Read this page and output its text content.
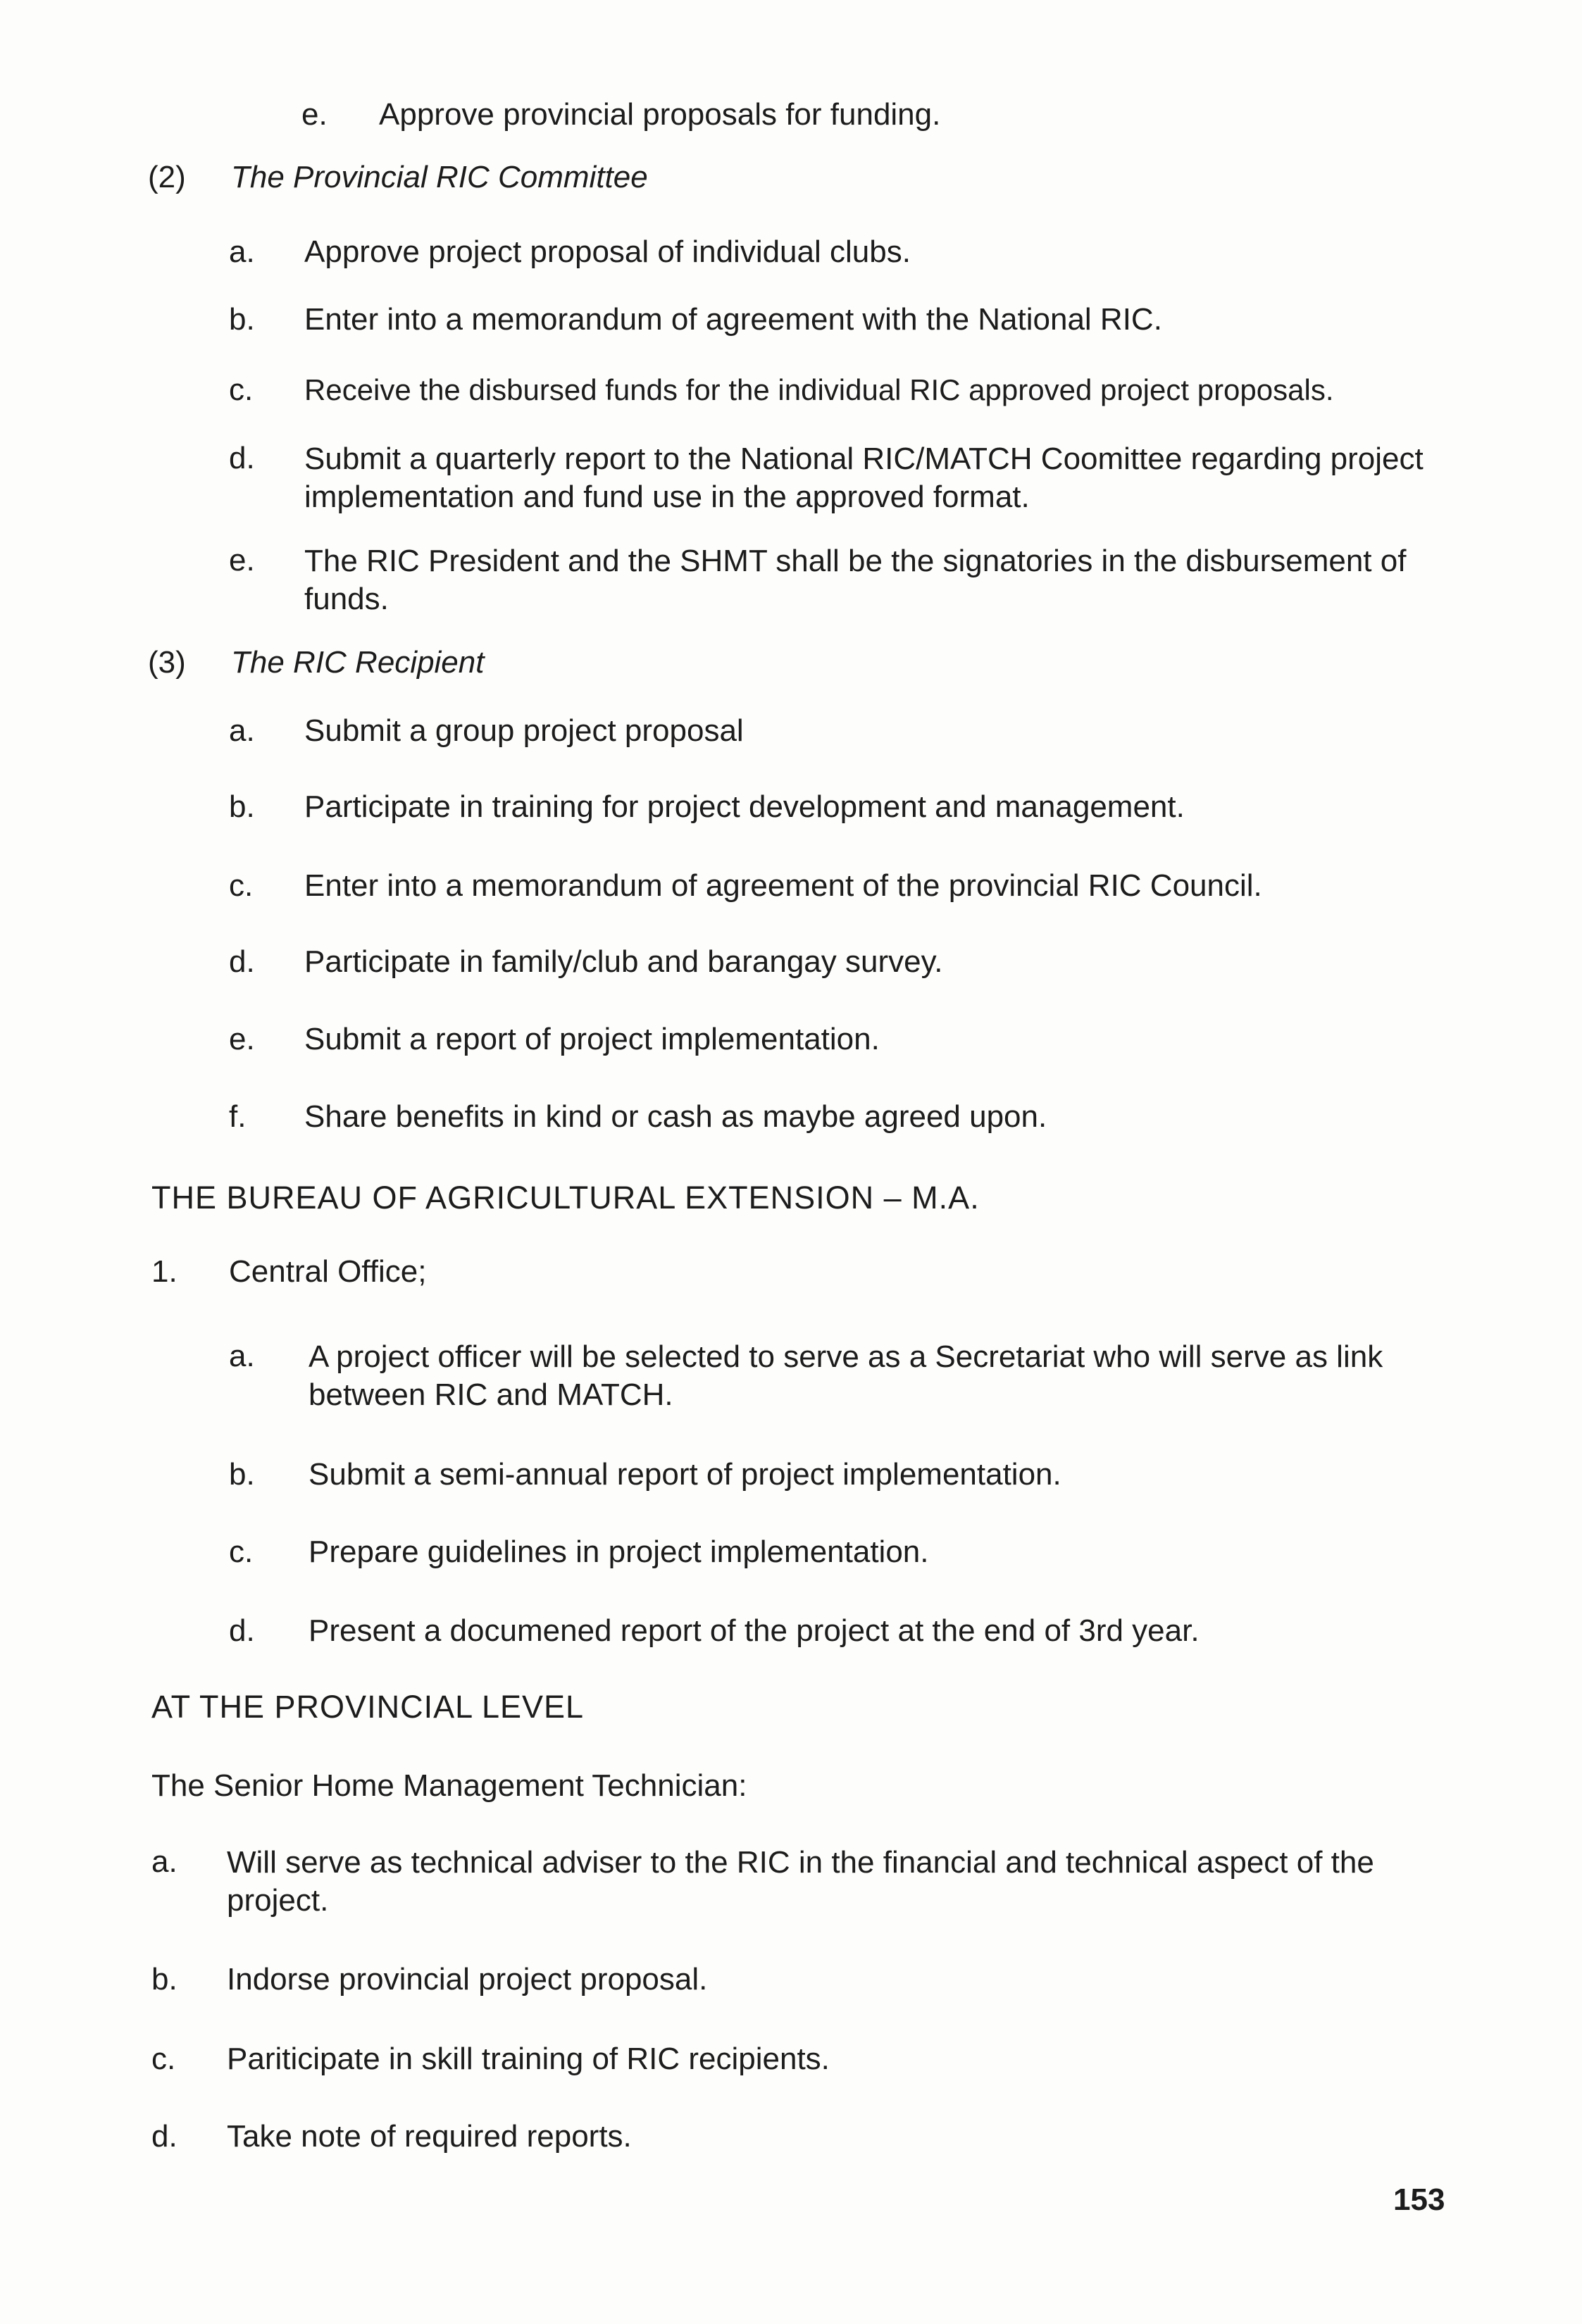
e. Approve provincial proposals for funding.
(2) The Provincial RIC Committee
a. Approve project proposal of individual clubs.
b. Enter into a memorandum of agreement with the National RIC.
c. Receive the disbursed funds for the individual RIC approved project proposals.
d. Submit a quarterly report to the National RIC/MATCH Coomittee regarding project implementation and fund use in the approved format.
e. The RIC President and the SHMT shall be the signatories in the disbursement of funds.
(3) The RIC Recipient
a. Submit a group project proposal
b. Participate in training for project development and management.
c. Enter into a memorandum of agreement of the provincial RIC Council.
d. Participate in family/club and barangay survey.
e. Submit a report of project implementation.
f. Share benefits in kind or cash as maybe agreed upon.
THE BUREAU OF AGRICULTURAL EXTENSION – M.A.
1. Central Office;
a. A project officer will be selected to serve as a Secretariat who will serve as link between RIC and MATCH.
b. Submit a semi-annual report of project implementation.
c. Prepare guidelines in project implementation.
d. Present a documened report of the project at the end of 3rd year.
AT THE PROVINCIAL LEVEL
The Senior Home Management Technician:
a. Will serve as technical adviser to the RIC in the financial and technical aspect of the project.
b. Indorse provincial project proposal.
c. Pariticipate in skill training of RIC recipients.
d. Take note of required reports.
153
